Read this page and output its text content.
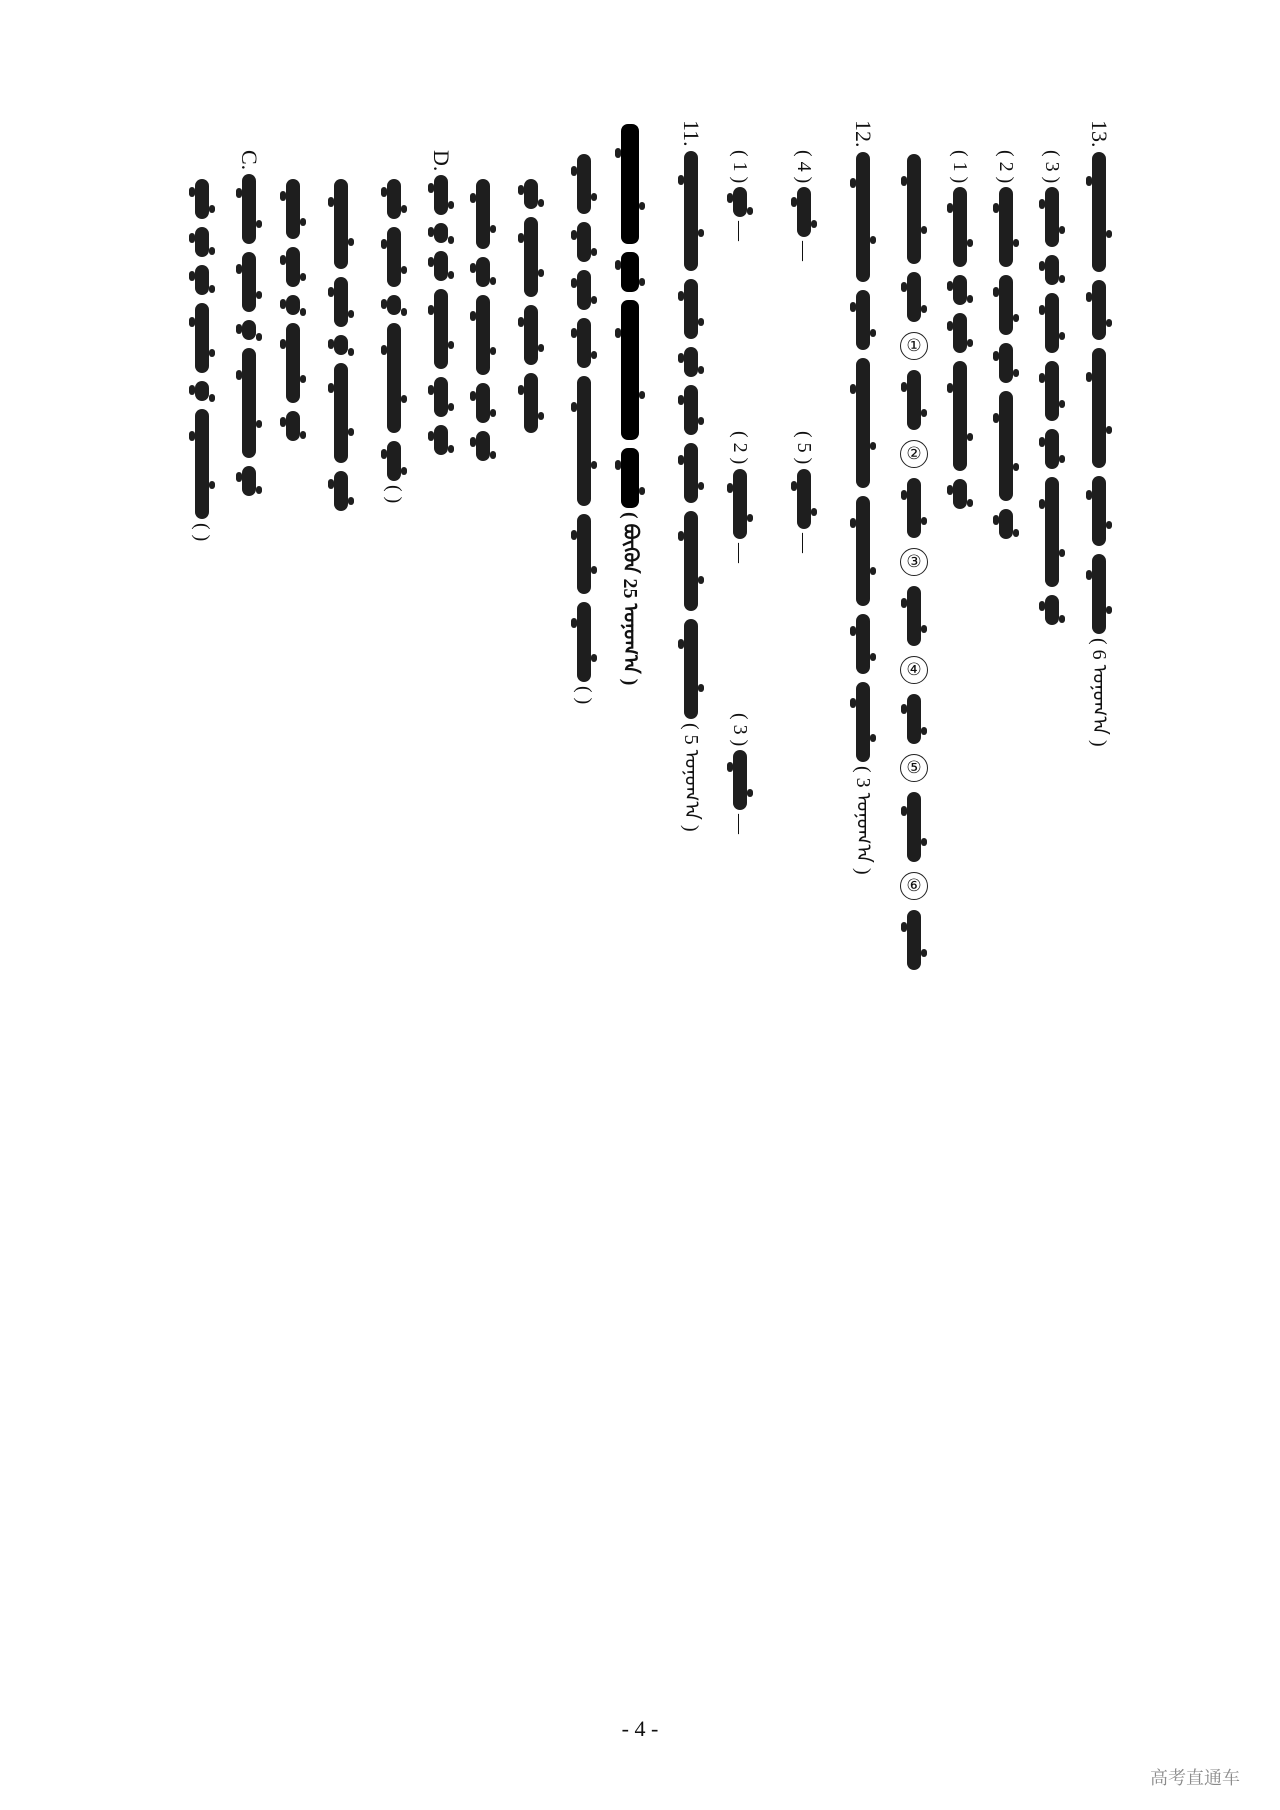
13.
( 6 ᠣᠨᠤᠭ᠎ᠠ )
( 3 )
( 2 )
( 1 )
①
②
③
④
⑤
⑥
12.
( 3 ᠣᠨᠤᠭ᠎ᠠ )
( 4 )
—
( 5 )
—
( 1 )
—
( 2 )
—
( 3 )
—
11.
( 5 ᠣᠨᠤᠭ᠎ᠠ )
( ᠪᠦᠬᠦᠨ 25 ᠣᠨᠤᠭ᠎ᠠ )
( )
D.
( )
C.
( )
- 4 -
高考直通车
